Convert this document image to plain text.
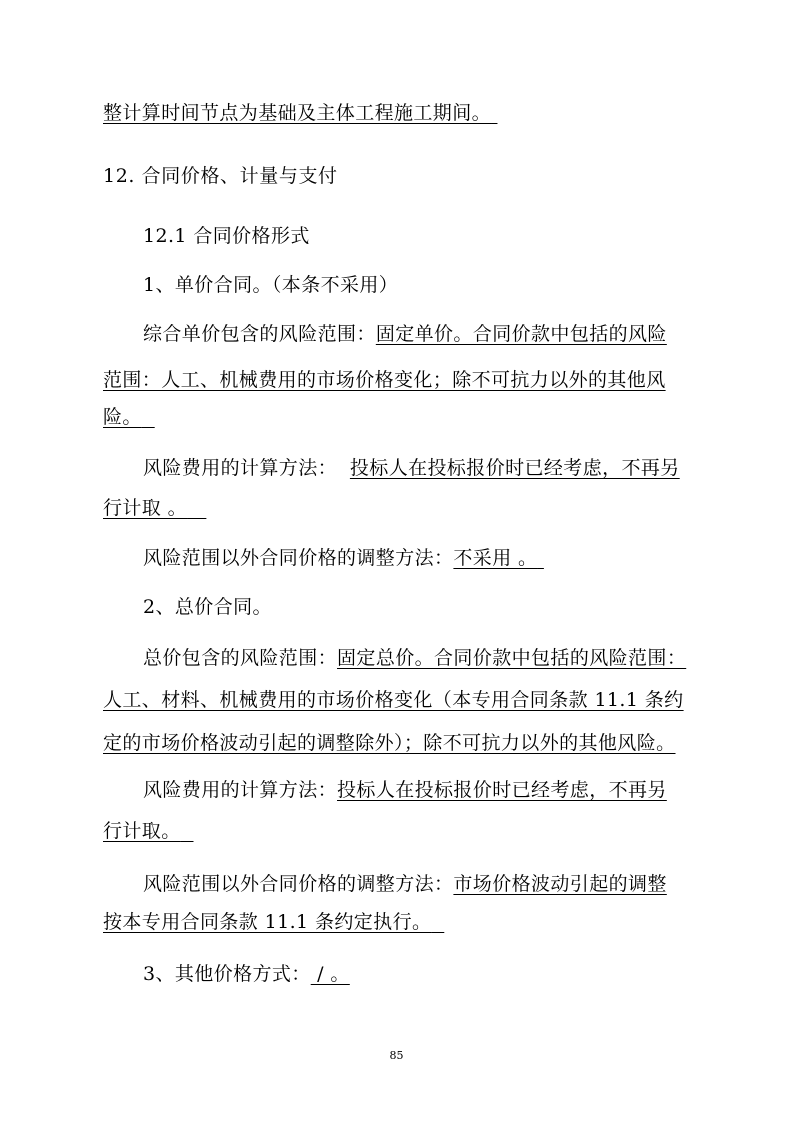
整计算时间节点为基础及主体工程施工期间。
12. 合同价格、计量与支付
12.1 合同价格形式
1、单价合同。（本条不采用）
综合单价包含的风险范围：固定单价。合同价款中包括的风险
范围：人工、机械费用的市场价格变化；除不可抗力以外的其他风
险。
风险费用的计算方法： 投标人在投标报价时已经考虑，不再另
行计取 。
风险范围以外合同价格的调整方法：不采用 。
2、总价合同。
总价包含的风险范围：固定总价。合同价款中包括的风险范围：
人工、材料、机械费用的市场价格变化（本专用合同条款 11.1 条约
定的市场价格波动引起的调整除外）；除不可抗力以外的其他风险。
风险费用的计算方法：投标人在投标报价时已经考虑，不再另
行计取。
风险范围以外合同价格的调整方法：市场价格波动引起的调整
按本专用合同条款 11.1 条约定执行。
3、其他价格方式： / 。
85
